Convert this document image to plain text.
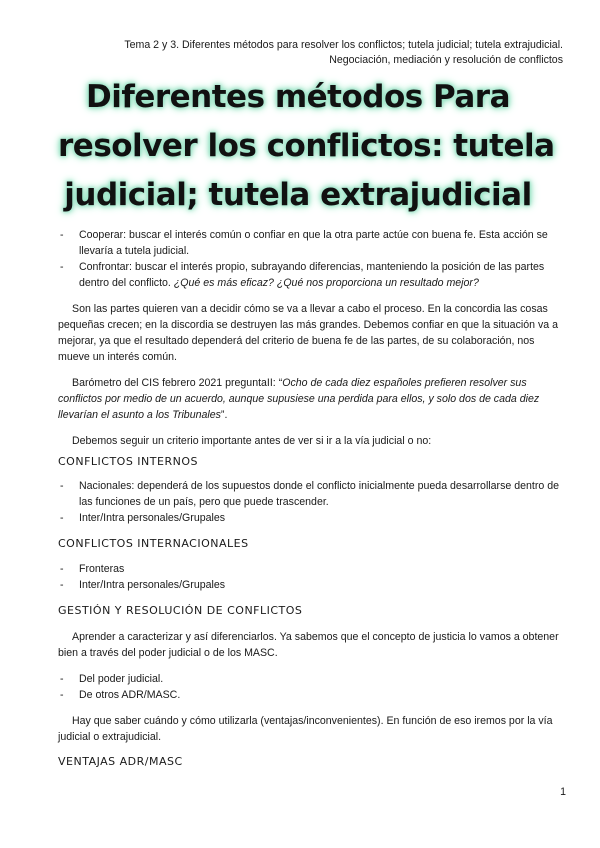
Tema 2 y 3. Diferentes métodos para resolver los conflictos; tutela judicial; tutela extrajudicial.
Negociación, mediación y resolución de conflictos
Diferentes métodos Para
resolver los conflictos: tutela
judicial; tutela extrajudicial
- Cooperar: buscar el interés común o confiar en que la otra parte actúe con buena fe. Esta acción se llevaría a tutela judicial.
- Confrontar: buscar el interés propio, subrayando diferencias, manteniendo la posición de las partes dentro del conflicto. ¿Qué es más eficaz? ¿Qué nos proporciona un resultado mejor?

Son las partes quieren van a decidir cómo se va a llevar a cabo el proceso. En la concordia las cosas pequeñas crecen; en la discordia se destruyen las más grandes. Debemos confiar en que la situación va a mejorar, ya que el resultado dependerá del criterio de buena fe de las partes, de su colaboración, nos mueve un interés común.

Barómetro del CIS febrero 2021 preguntaII: “Ocho de cada diez españoles prefieren resolver sus conflictos por medio de un acuerdo, aunque supusiese una perdida para ellos, y solo dos de cada diez llevarían el asunto a los Tribunales”.

Debemos seguir un criterio importante antes de ver si ir a la vía judicial o no:

CONFLICTOS INTERNOS
- Nacionales: dependerá de los supuestos donde el conflicto inicialmente pueda desarrollarse dentro de las funciones de un país, pero que puede trascender.
- Inter/Intra personales/Grupales
CONFLICTOS INTERNACIONALES
- Fronteras
- Inter/Intra personales/Grupales
GESTIÓN Y RESOLUCIÓN DE CONFLICTOS

Aprender a caracterizar y así diferenciarlos. Ya sabemos que el concepto de justicia lo vamos a obtener bien a través del poder judicial o de los MASC.

- Del poder judicial.
- De otros ADR/MASC.

Hay que saber cuándo y cómo utilizarla (ventajas/inconvenientes). En función de eso iremos por la vía judicial o extrajudicial.

VENTAJAS ADR/MASC
1
